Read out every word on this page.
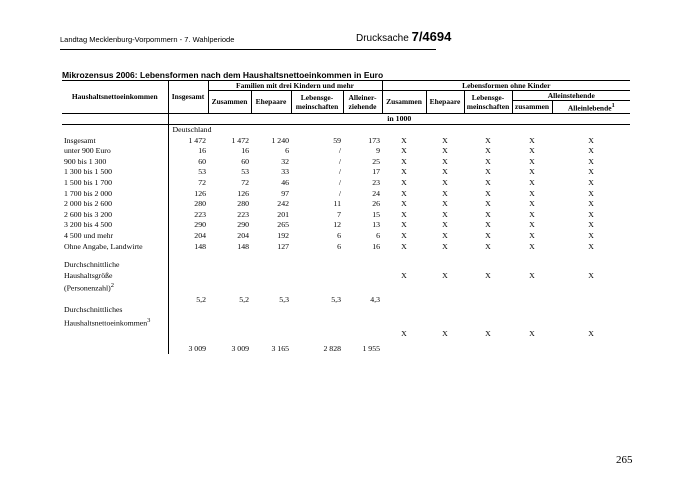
Landtag Mecklenburg-Vorpommern - 7. Wahlperiode	Drucksache 7/4694
Mikrozensus 2006: Lebensformen nach dem Haushaltsnettoeinkommen in Euro
Haushaltsnettoeinkommen	Insgesamt	Familien mit drei Kindern und mehr				Lebensformen ohne Kinder				
		Zusammen	Ehepaare	Lebensge-meinschaften	Alleiner-ziehende	Zusammen	Ehepaare	Lebensge-meinschaften	Alleinstehende	
									zusammen	Alleinlebende$^1$
	in 1000									
	Deutschland									
Insgesamt	1 472	1 472	1 240	59	173	X	X	X	X	X
unter 900 Euro	16	16	6	/	9	X	X	X	X	X
900 bis 1 300	60	60	32	/	25	X	X	X	X	X
1 300 bis 1 500	53	53	33	/	17	X	X	X	X	X
1 500 bis 1 700	72	72	46	/	23	X	X	X	X	X
1 700 bis 2 000	126	126	97	/	24	X	X	X	X	X
2 000 bis 2 600	280	280	242	11	26	X	X	X	X	X
2 600 bis 3 200	223	223	201	7	15	X	X	X	X	X
3 200 bis 4 500	290	290	265	12	13	X	X	X	X	X
4 500 und mehr	204	204	192	6	6	X	X	X	X	X
Ohne Angabe, Landwirte	148	148	127	6	16	X	X	X	X	X

Durchschnittliche										
Haushaltsgröße						X	X	X	X	X
(Personenzahl)$^2$		
	5,2	5,2	5,3	5,3	4,3					
Durchschnittliches										
Haushaltsnettoeinkommen$^3$		
						X	X	X	X	X

	3 009	3 009	3 165	2 828	1 955					
265
